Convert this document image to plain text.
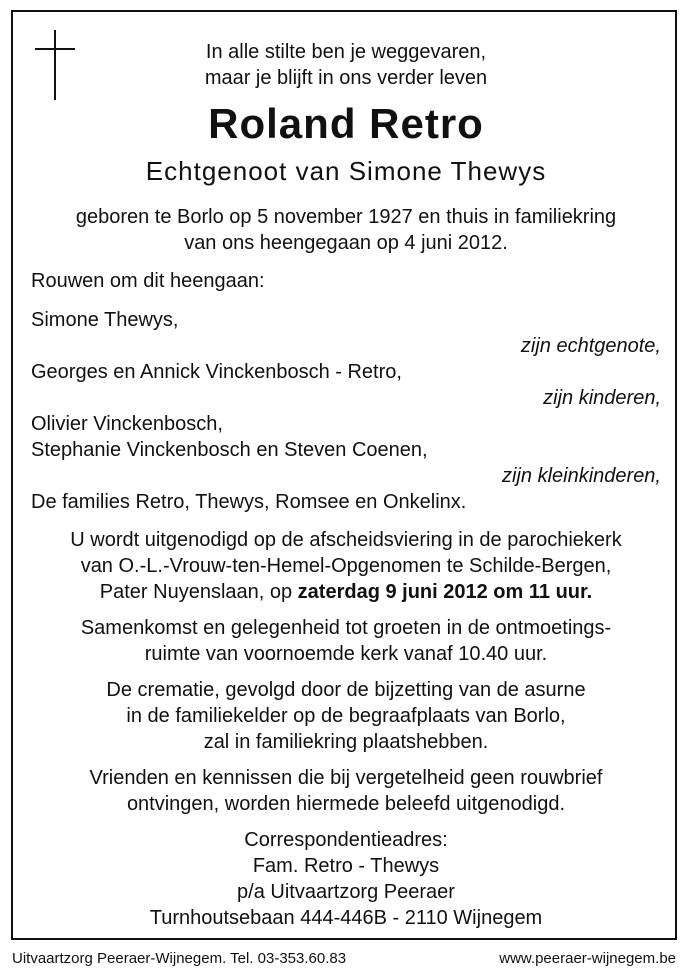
In alle stilte ben je weggevaren,
maar je blijft in ons verder leven
Roland Retro
Echtgenoot van Simone Thewys
geboren te Borlo op 5 november 1927 en thuis in familiekring
van ons heengegaan op 4 juni 2012.
Rouwen om dit heengaan:
Simone Thewys,
zijn echtgenote,
Georges en Annick Vinckenbosch - Retro,
zijn kinderen,
Olivier Vinckenbosch,
Stephanie Vinckenbosch en Steven Coenen,
zijn kleinkinderen,
De families Retro, Thewys, Romsee en Onkelinx.
U wordt uitgenodigd op de afscheidsviering in de parochiekerk
van O.-L.-Vrouw-ten-Hemel-Opgenomen te Schilde-Bergen,
Pater Nuyenslaan, op zaterdag 9 juni 2012 om 11 uur.
Samenkomst en gelegenheid tot groeten in de ontmoetings-
ruimte van voornoemde kerk vanaf 10.40 uur.
De crematie, gevolgd door de bijzetting van de asurne
in de familiekelder op de begraafplaats van Borlo,
zal in familiekring plaatshebben.
Vrienden en kennissen die bij vergetelheid geen rouwbrief
ontvingen, worden hiermede beleefd uitgenodigd.
Correspondentieadres:
Fam. Retro - Thewys
p/a Uitvaartzorg Peeraer
Turnhoutsebaan 444-446B - 2110 Wijnegem
Uitvaartzorg Peeraer-Wijnegem. Tel. 03-353.60.83	www.peeraer-wijnegem.be
